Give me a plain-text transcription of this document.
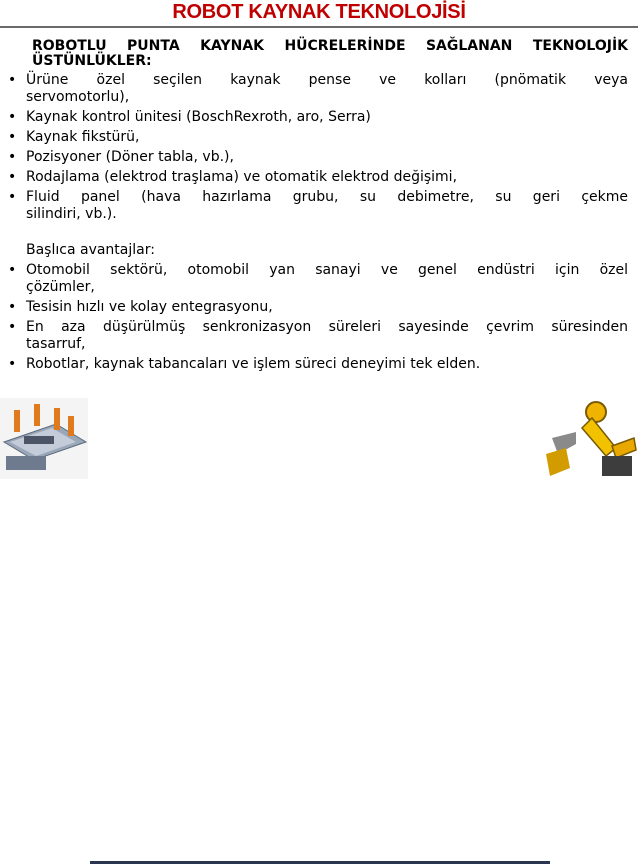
ROBOT KAYNAK TEKNOLOJİSİ
ROBOTLU PUNTA KAYNAK HÜCRELERİNDE SAĞLANAN TEKNOLOJİK
ÜSTÜNLÜKLER:
• Ürüne özel seçilen kaynak pense ve kolları (pnömatik veya
servomotorlu),
• Kaynak kontrol ünitesi (BoschRexroth, aro, Serra)
• Kaynak fikstürü,
• Pozisyoner (Döner tabla, vb.),
• Rodajlama (elektrod traşlama) ve otomatik elektrod değişimi,
• Fluid panel (hava hazırlama grubu, su debimetre, su geri çekme
silindiri, vb.).
Başlıca avantajlar:
• Otomobil sektörü, otomobil yan sanayi ve genel endüstri için özel
çözümler,
• Tesisin hızlı ve kolay entegrasyonu,
• En aza düşürülmüş senkronizasyon süreleri sayesinde çevrim süresinden
tasarruf,
• Robotlar, kaynak tabancaları ve işlem süreci deneyimi tek elden.
